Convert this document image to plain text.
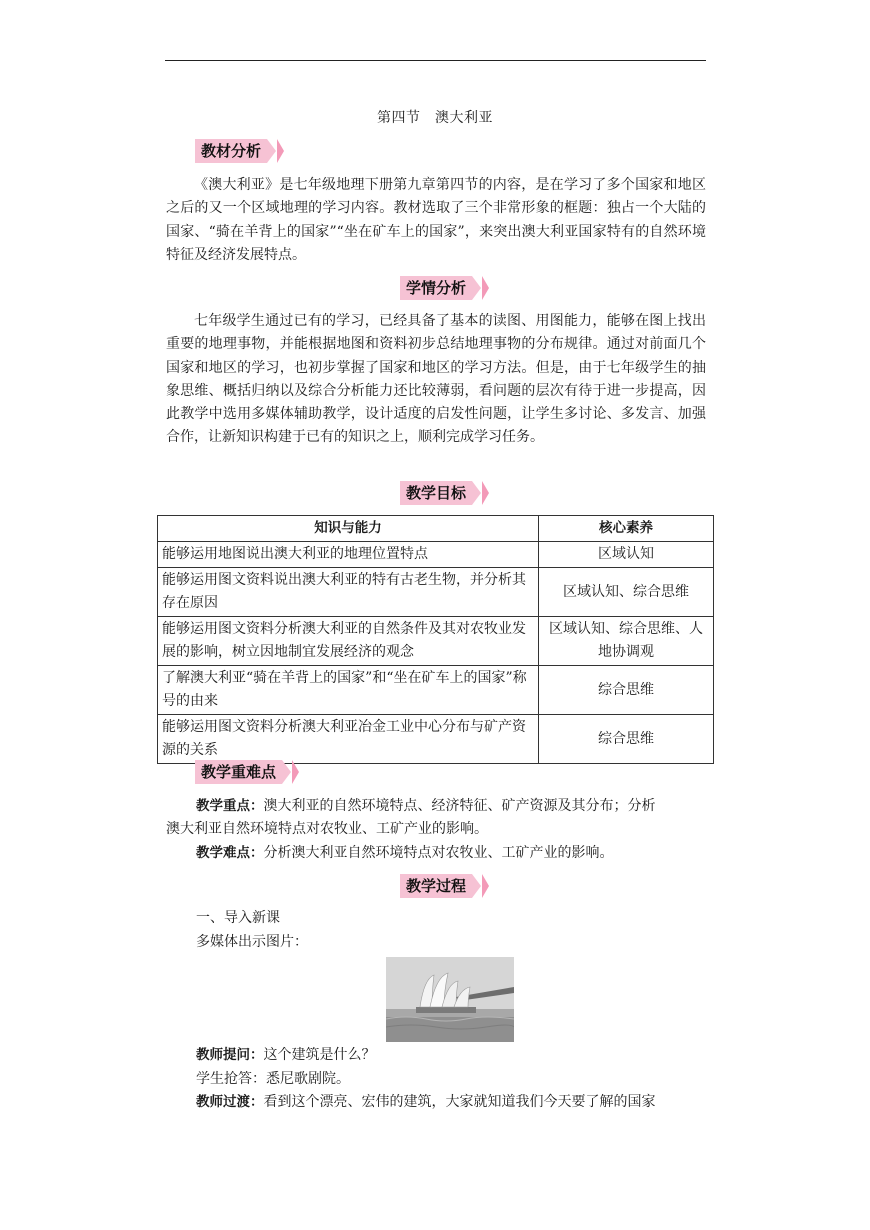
第四节　澳大利亚
教材分析
《澳大利亚》是七年级地理下册第九章第四节的内容，是在学习了多个国家和地区之后的又一个区域地理的学习内容。教材选取了三个非常形象的框题：独占一个大陆的国家、“骑在羊背上的国家”“坐在矿车上的国家”，来突出澳大利亚国家特有的自然环境特征及经济发展特点。
学情分析
七年级学生通过已有的学习，已经具备了基本的读图、用图能力，能够在图上找出重要的地理事物，并能根据地图和资料初步总结地理事物的分布规律。通过对前面几个国家和地区的学习，也初步掌握了国家和地区的学习方法。但是，由于七年级学生的抽象思维、概括归纳以及综合分析能力还比较薄弱，看问题的层次有待于进一步提高，因此教学中选用多媒体辅助教学，设计适度的启发性问题，让学生多讨论、多发言、加强合作，让新知识构建于已有的知识之上，顺利完成学习任务。
教学目标
知识与能力	核心素养
能够运用地图说出澳大利亚的地理位置特点	区域认知
能够运用图文资料说出澳大利亚的特有古老生物，并分析其存在原因	区域认知、综合思维
能够运用图文资料分析澳大利亚的自然条件及其对农牧业发展的影响，树立因地制宜发展经济的观念	区域认知、综合思维、人地协调观
了解澳大利亚“骑在羊背上的国家”和“坐在矿车上的国家”称号的由来	综合思维
能够运用图文资料分析澳大利亚冶金工业中心分布与矿产资源的关系	综合思维
教学重难点
教学重点：澳大利亚的自然环境特点、经济特征、矿产资源及其分布；分析
澳大利亚自然环境特点对农牧业、工矿产业的影响。
教学难点：分析澳大利亚自然环境特点对农牧业、工矿产业的影响。
教学过程
一、导入新课
多媒体出示图片：
教师提问：这个建筑是什么？
学生抢答：悉尼歌剧院。
教师过渡：看到这个漂亮、宏伟的建筑，大家就知道我们今天要了解的国家
